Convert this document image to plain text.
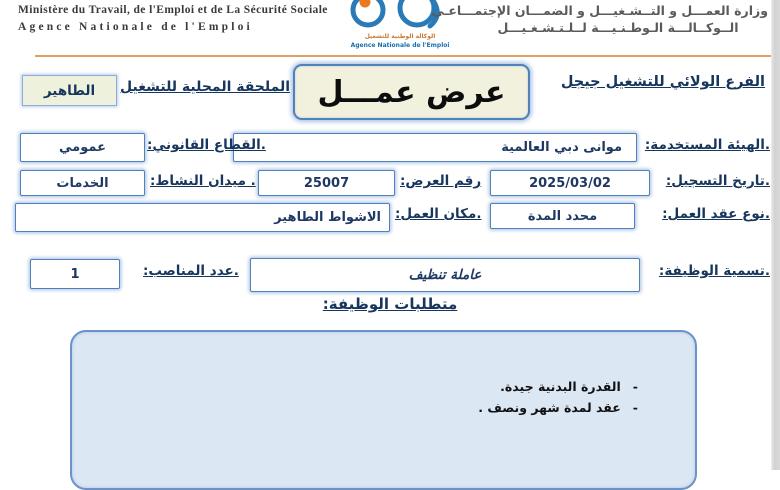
Ministère du Travail, de l'Emploi et de La Sécurité Sociale
Agence Nationale de l'Emploi
الوكالة الوطنية للتشغيل
Agence Nationale de l'Emploi
وزارة العمـــل و التــشـغيـــل و الضمـــان الإجتمـــاعـي
الــوكــالـــة الـوطـنـيـــة لــلـتـشـغـيـــل
الفرع الولائي للتشغيل جيجل
عرض عمـــل
الملحقة المحلية للتشغيل
الطاهير
.الهيئة المستخدمة:
موانى دبي العالمية
.القطاع القانوني:
عمومي
.تاريخ التسجيل:
2025/03/02
رقم العرض:
25007
. ميدان النشاط:
الخدمات
.نوع عقد العمل:
محدد المدة
.مكان العمل:
الاشواط الطاهير
.تسمية الوظيفة:
عاملة تنظيف
.عدد المناصب:
1
متطلبات الوظيفة:
-القدرة البدنية جيدة.
-عقد لمدة شهر ونصف .
